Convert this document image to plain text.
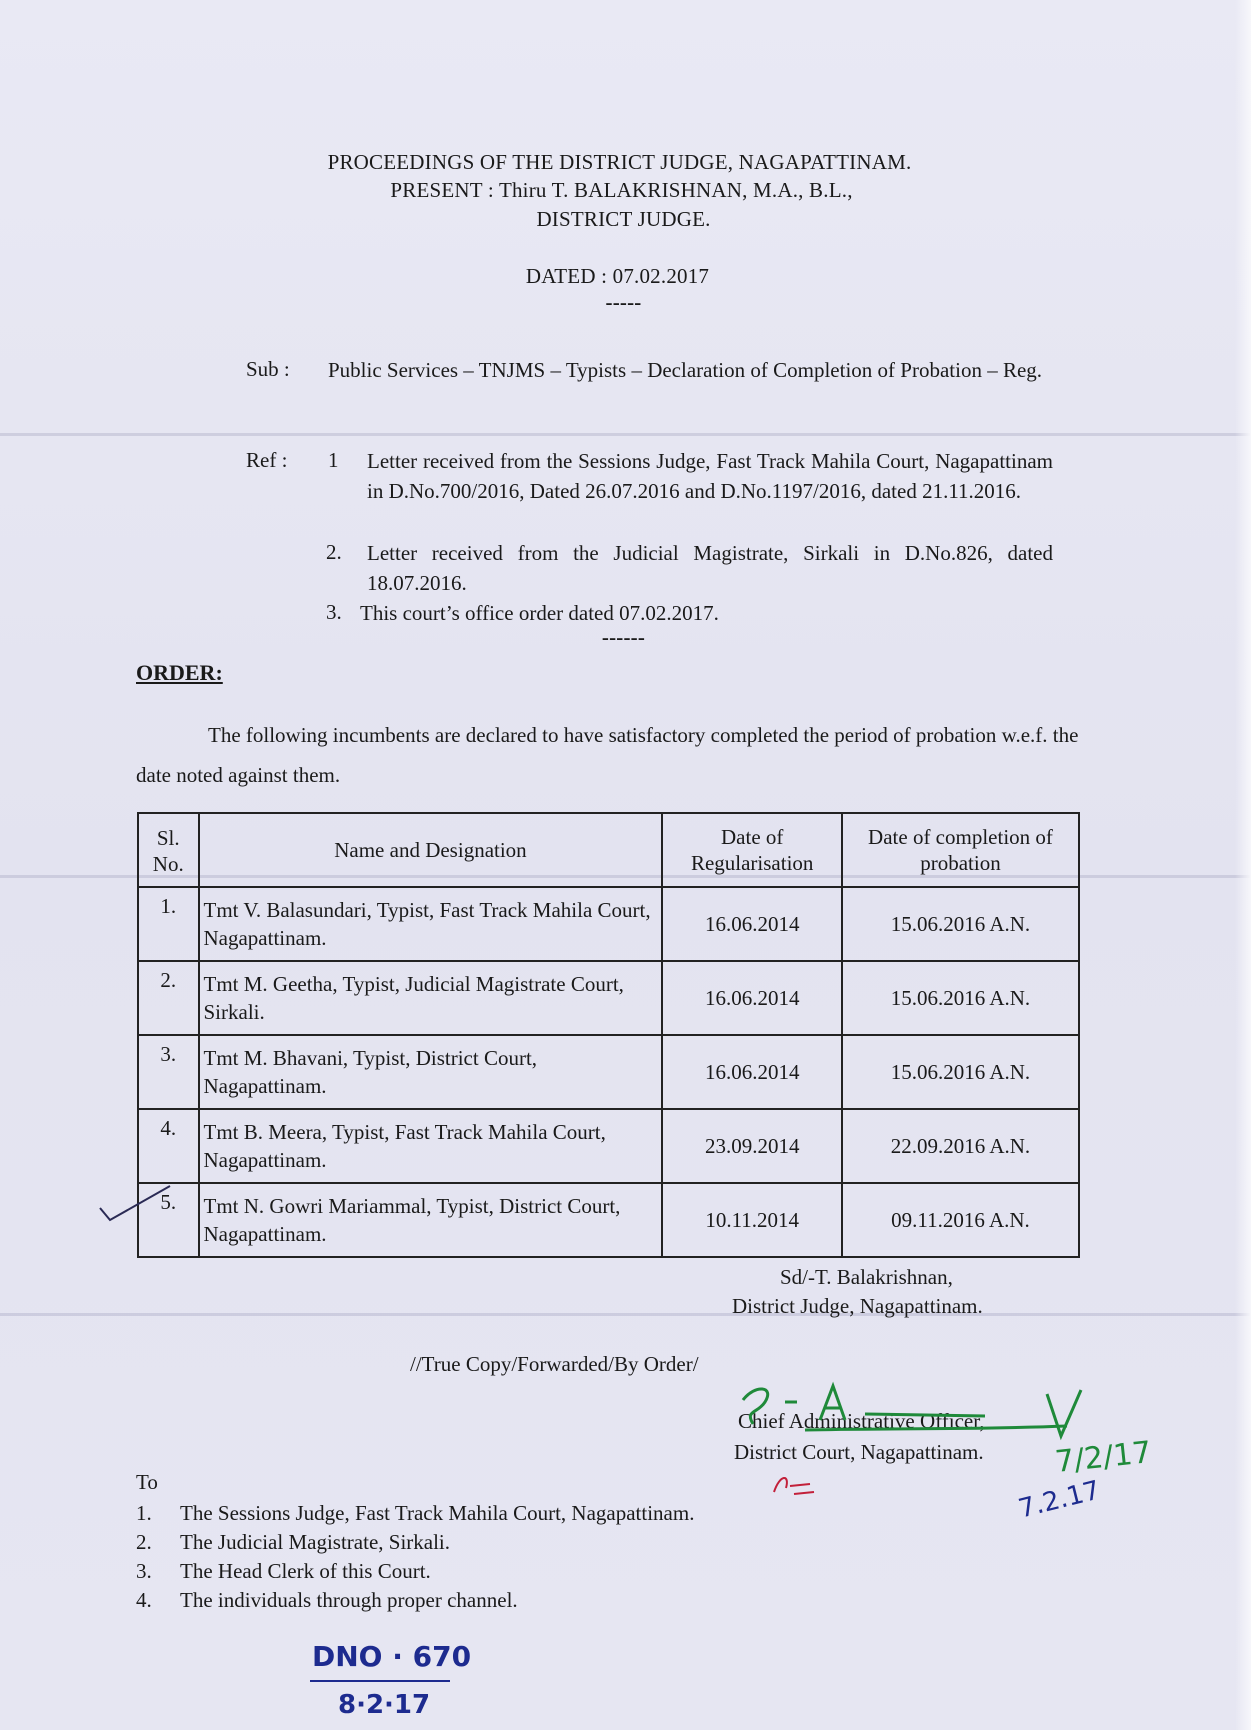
PROCEEDINGS OF THE DISTRICT JUDGE, NAGAPATTINAM.
PRESENT : Thiru T. BALAKRISHNAN, M.A., B.L.,
DISTRICT JUDGE.
DATED : 07.02.2017
-----
Sub : Public Services – TNJMS – Typists – Declaration of Completion of Probation – Reg.
Ref : 1 Letter received from the Sessions Judge, Fast Track Mahila Court, Nagapattinam in D.No.700/2016, Dated 26.07.2016 and D.No.1197/2016, dated 21.11.2016.
2. Letter received from the Judicial Magistrate, Sirkali in D.No.826, dated 18.07.2016.
3. This court’s office order dated 07.02.2017.
------
ORDER:
The following incumbents are declared to have satisfactory completed the period of probation w.e.f. the date noted against them.
Sl. No.	Name and Designation	Date of Regularisation	Date of completion of probation
1.	Tmt V. Balasundari, Typist, Fast Track Mahila Court, Nagapattinam.	16.06.2014	15.06.2016 A.N.
2.	Tmt M. Geetha, Typist, Judicial Magistrate Court, Sirkali.	16.06.2014	15.06.2016 A.N.
3.	Tmt M. Bhavani, Typist, District Court, Nagapattinam.	16.06.2014	15.06.2016 A.N.
4.	Tmt B. Meera, Typist, Fast Track Mahila Court, Nagapattinam.	23.09.2014	22.09.2016 A.N.
5.	Tmt N. Gowri Mariammal, Typist, District Court, Nagapattinam.	10.11.2014	09.11.2016 A.N.
Sd/-T. Balakrishnan,
District Judge, Nagapattinam.
//True Copy/Forwarded/By Order/
Chief Administrative Officer,
District Court, Nagapattinam. 7/2/17
7.2.17
To
1.	The Sessions Judge, Fast Track Mahila Court, Nagapattinam.
2.	The Judicial Magistrate, Sirkali.
3.	The Head Clerk of this Court.
4.	The individuals through proper channel.
DNO · 670
8·2·17
